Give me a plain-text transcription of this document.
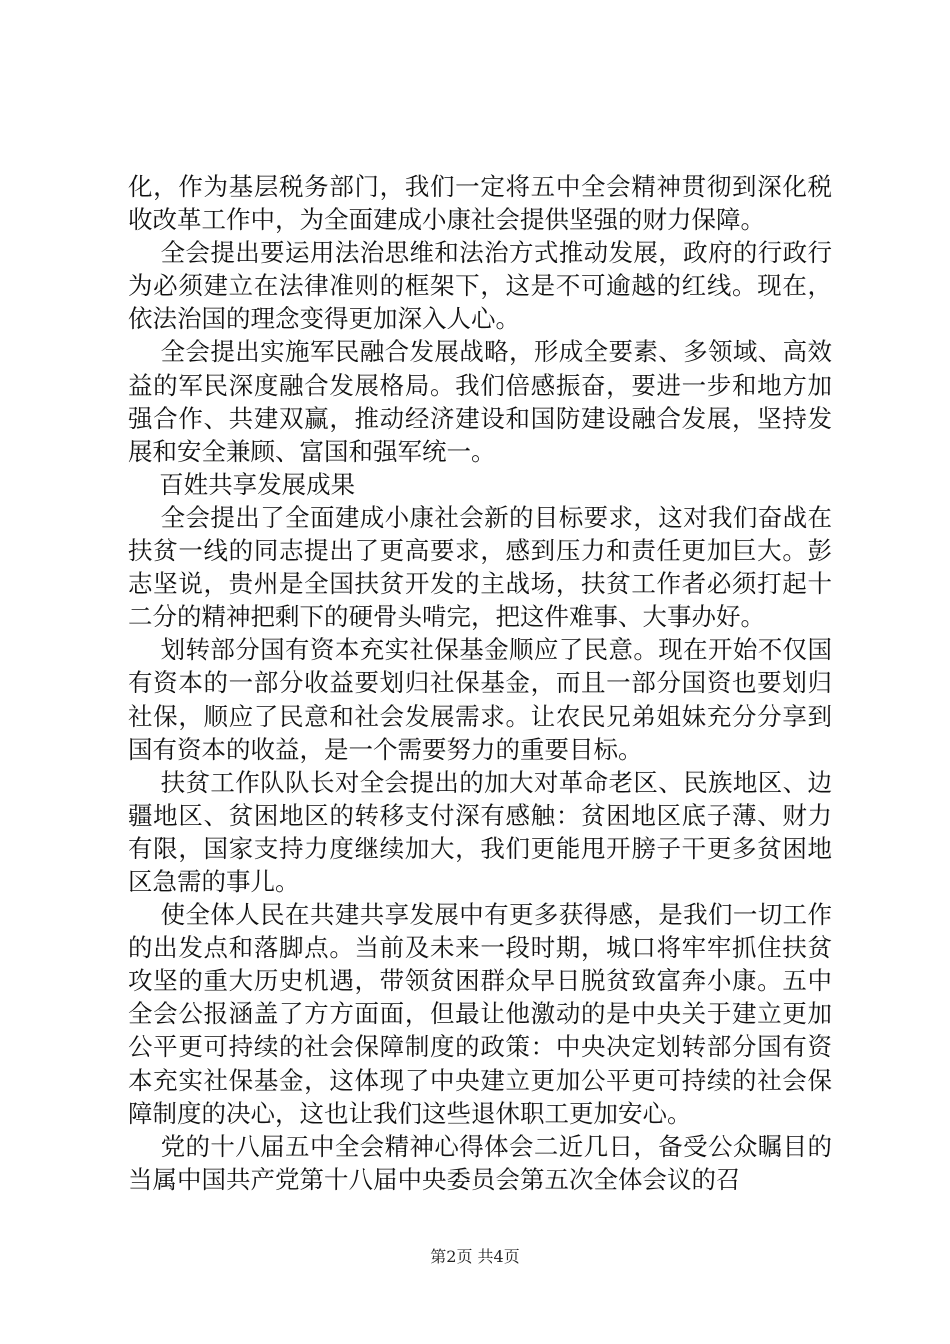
化，作为基层税务部门，我们一定将五中全会精神贯彻到深化税收改革工作中，为全面建成小康社会提供坚强的财力保障。

全会提出要运用法治思维和法治方式推动发展，政府的行政行为必须建立在法律准则的框架下，这是不可逾越的红线。现在，依法治国的理念变得更加深入人心。

全会提出实施军民融合发展战略，形成全要素、多领域、高效益的军民深度融合发展格局。我们倍感振奋，要进一步和地方加强合作、共建双赢，推动经济建设和国防建设融合发展，坚持发展和安全兼顾、富国和强军统一。

百姓共享发展成果

全会提出了全面建成小康社会新的目标要求，这对我们奋战在扶贫一线的同志提出了更高要求，感到压力和责任更加巨大。彭志坚说，贵州是全国扶贫开发的主战场，扶贫工作者必须打起十二分的精神把剩下的硬骨头啃完，把这件难事、大事办好。

划转部分国有资本充实社保基金顺应了民意。现在开始不仅国有资本的一部分收益要划归社保基金，而且一部分国资也要划归社保，顺应了民意和社会发展需求。让农民兄弟姐妹充分分享到国有资本的收益，是一个需要努力的重要目标。

扶贫工作队队长对全会提出的加大对革命老区、民族地区、边疆地区、贫困地区的转移支付深有感触：贫困地区底子薄、财力有限，国家支持力度继续加大，我们更能甩开膀子干更多贫困地区急需的事儿。

使全体人民在共建共享发展中有更多获得感，是我们一切工作的出发点和落脚点。当前及未来一段时期，城口将牢牢抓住扶贫攻坚的重大历史机遇，带领贫困群众早日脱贫致富奔小康。五中全会公报涵盖了方方面面，但最让他激动的是中央关于建立更加公平更可持续的社会保障制度的政策：中央决定划转部分国有资本充实社保基金，这体现了中央建立更加公平更可持续的社会保障制度的决心，这也让我们这些退休职工更加安心。

党的十八届五中全会精神心得体会二近几日，备受公众瞩目的当属中国共产党第十八届中央委员会第五次全体会议的召

第2页 共4页
